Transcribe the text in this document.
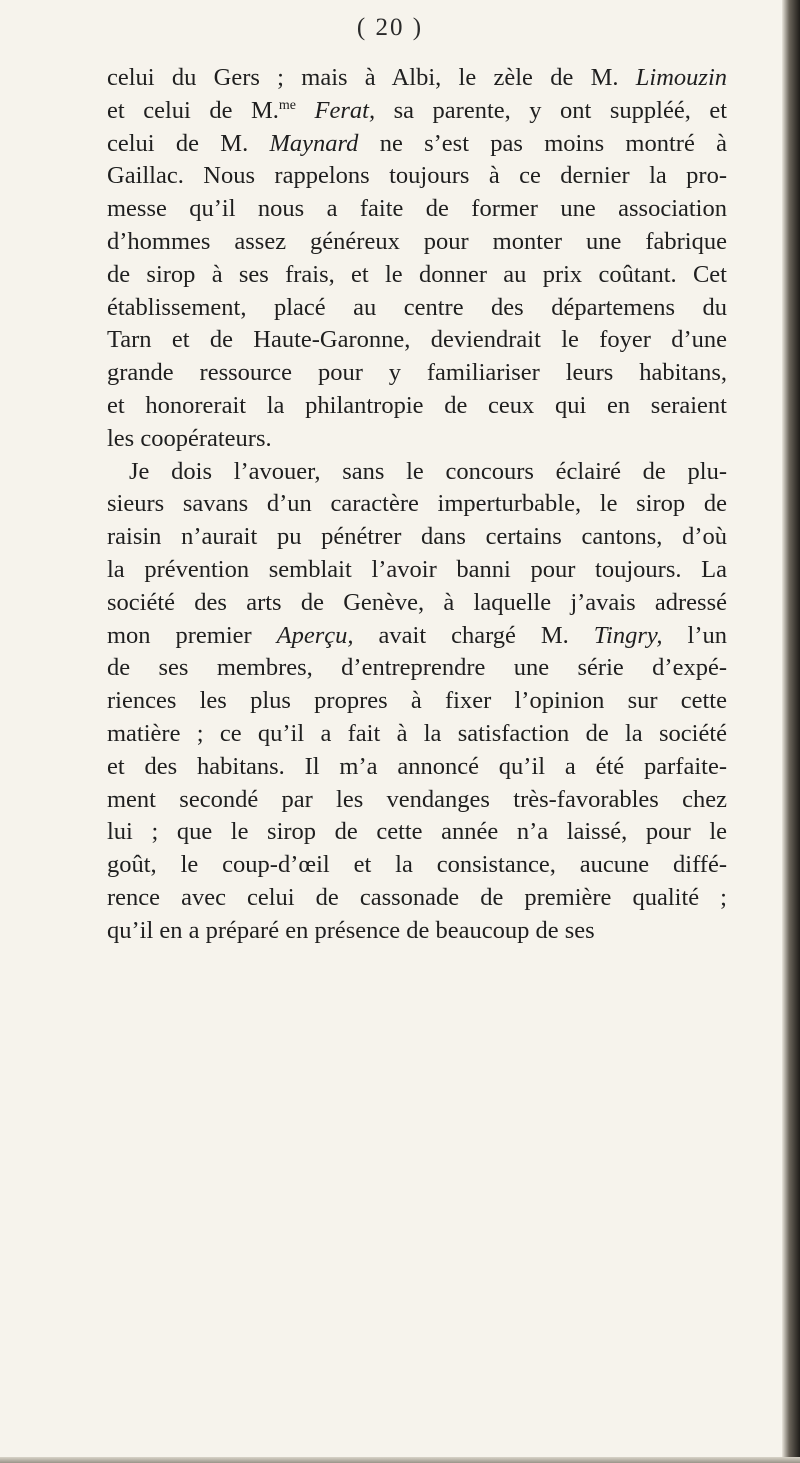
( 20 )
celui du Gers ; mais à Albi, le zèle de M. Limouzin
et celui de M.$^{me}$ Ferat, sa parente, y ont suppléé, et
celui de M. Maynard ne s’est pas moins montré à
Gaillac. Nous rappelons toujours à ce dernier la pro-
messe qu’il nous a faite de former une association
d’hommes assez généreux pour monter une fabrique
de sirop à ses frais, et le donner au prix coûtant. Cet
établissement, placé au centre des départemens du
Tarn et de Haute-Garonne, deviendrait le foyer d’une
grande ressource pour y familiariser leurs habitans,
et honorerait la philantropie de ceux qui en seraient
les coopérateurs.
Je dois l’avouer, sans le concours éclairé de plu-
sieurs savans d’un caractère imperturbable, le sirop de
raisin n’aurait pu pénétrer dans certains cantons, d’où
la prévention semblait l’avoir banni pour toujours. La
société des arts de Genève, à laquelle j’avais adressé
mon premier Aperçu, avait chargé M. Tingry, l’un
de ses membres, d’entreprendre une série d’expé-
riences les plus propres à fixer l’opinion sur cette
matière ; ce qu’il a fait à la satisfaction de la société
et des habitans. Il m’a annoncé qu’il a été parfaite-
ment secondé par les vendanges très-favorables chez
lui ; que le sirop de cette année n’a laissé, pour le
goût, le coup-d’œil et la consistance, aucune diffé-
rence avec celui de cassonade de première qualité ;
qu’il en a préparé en présence de beaucoup de ses
